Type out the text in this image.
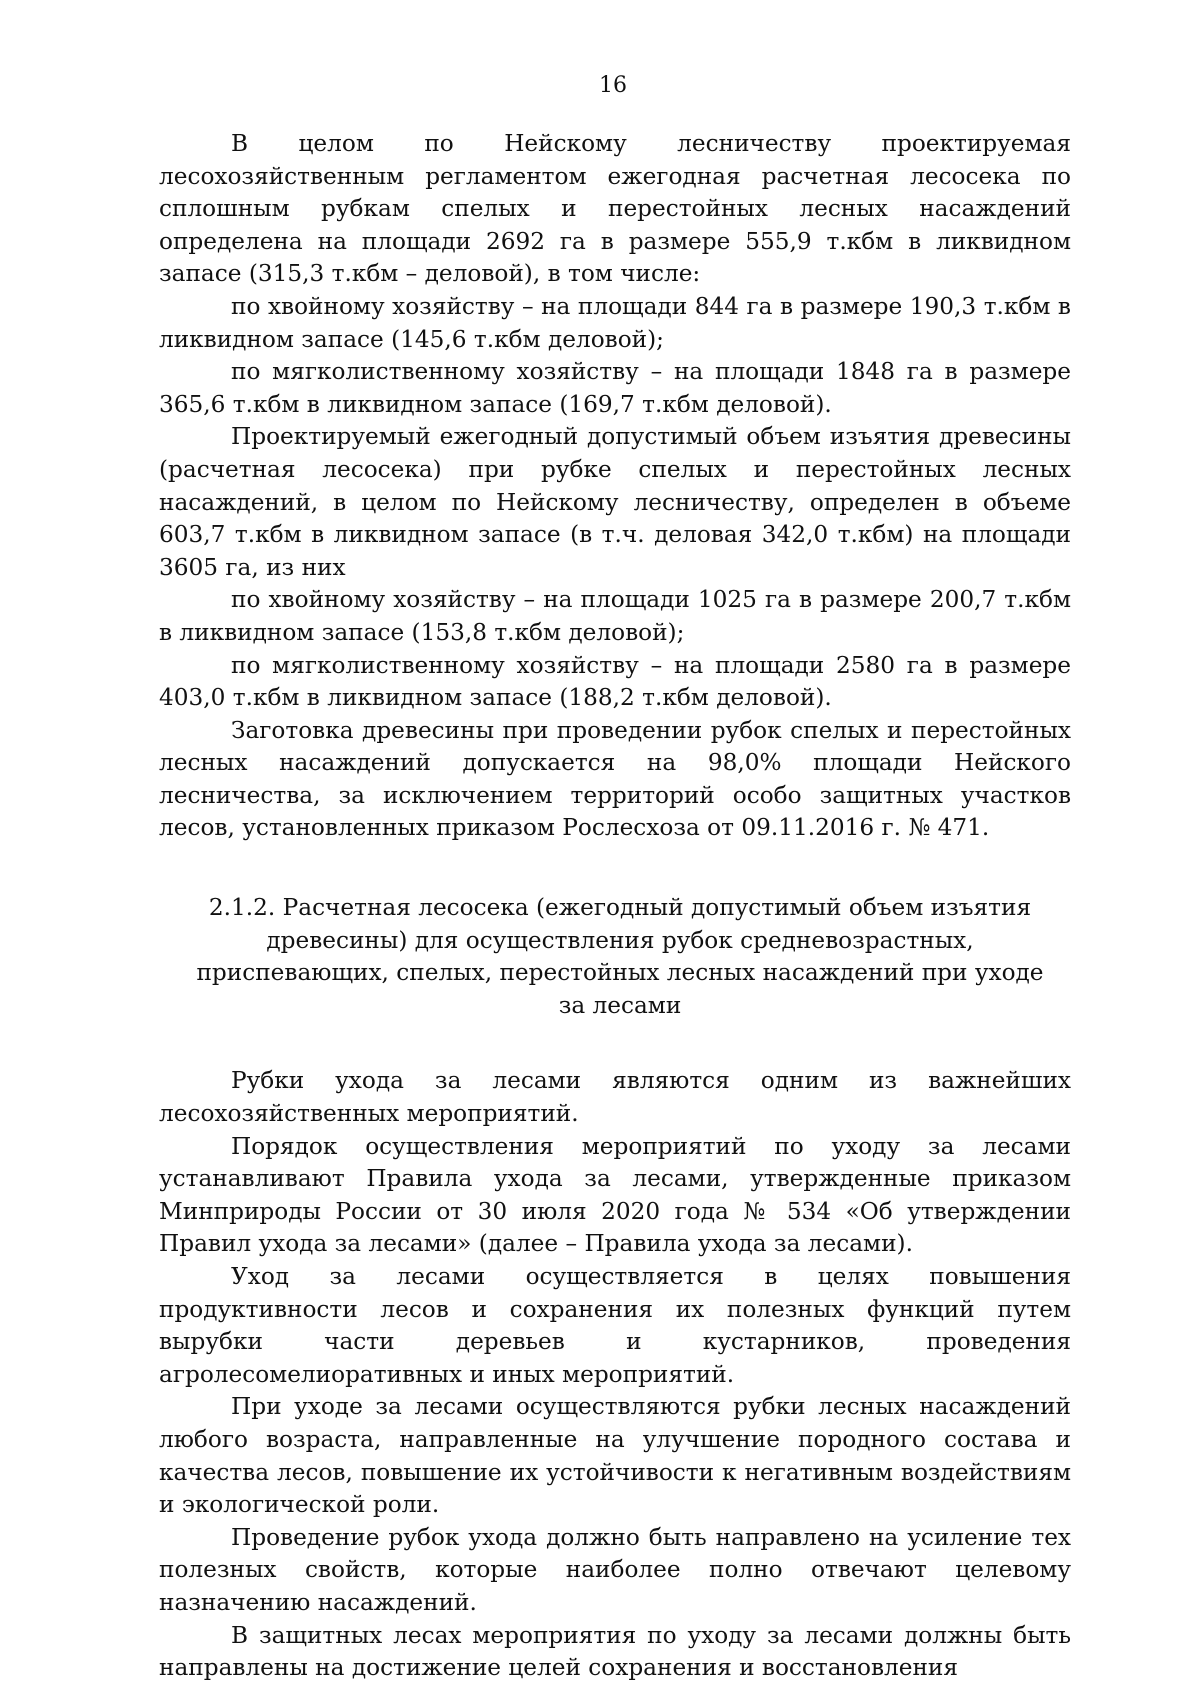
16

В целом по Нейскому лесничеству проектируемая лесохозяйственным регламентом ежегодная расчетная лесосека по сплошным рубкам спелых и перестойных лесных насаждений определена на площади 2692 га в размере 555,9 т.кбм в ликвидном запасе (315,3 т.кбм – деловой), в том числе:

по хвойному хозяйству – на площади 844 га в размере 190,3 т.кбм в ликвидном запасе (145,6 т.кбм деловой);

по мягколиственному хозяйству – на площади 1848 га в размере 365,6 т.кбм в ликвидном запасе (169,7 т.кбм деловой).

Проектируемый ежегодный допустимый объем изъятия древесины (расчетная лесосека) при рубке спелых и перестойных лесных насаждений, в целом по Нейскому лесничеству, определен в объеме 603,7 т.кбм в ликвидном запасе (в т.ч. деловая 342,0 т.кбм) на площади 3605 га, из них

по хвойному хозяйству – на площади 1025 га в размере 200,7 т.кбм в ликвидном запасе (153,8 т.кбм деловой);

по мягколиственному хозяйству – на площади 2580 га в размере 403,0 т.кбм в ликвидном запасе (188,2 т.кбм деловой).

Заготовка древесины при проведении рубок спелых и перестойных лесных насаждений допускается на 98,0% площади Нейского лесничества, за исключением территорий особо защитных участков лесов, установленных приказом Рослесхоза от 09.11.2016 г. № 471.

2.1.2. Расчетная лесосека (ежегодный допустимый объем изъятия древесины) для осуществления рубок средневозрастных, приспевающих, спелых, перестойных лесных насаждений при уходе за лесами

Рубки ухода за лесами являются одним из важнейших лесохозяйственных мероприятий.

Порядок осуществления мероприятий по уходу за лесами устанавливают Правила ухода за лесами, утвержденные приказом Минприроды России от 30 июля 2020 года № 534 «Об утверждении Правил ухода за лесами» (далее – Правила ухода за лесами).

Уход за лесами осуществляется в целях повышения продуктивности лесов и сохранения их полезных функций путем вырубки части деревьев и кустарников, проведения агролесомелиоративных и иных мероприятий.

При уходе за лесами осуществляются рубки лесных насаждений любого возраста, направленные на улучшение породного состава и качества лесов, повышение их устойчивости к негативным воздействиям и экологической роли.

Проведение рубок ухода должно быть направлено на усиление тех полезных свойств, которые наиболее полно отвечают целевому назначению насаждений.

В защитных лесах мероприятия по уходу за лесами должны быть направлены на достижение целей сохранения и восстановления
